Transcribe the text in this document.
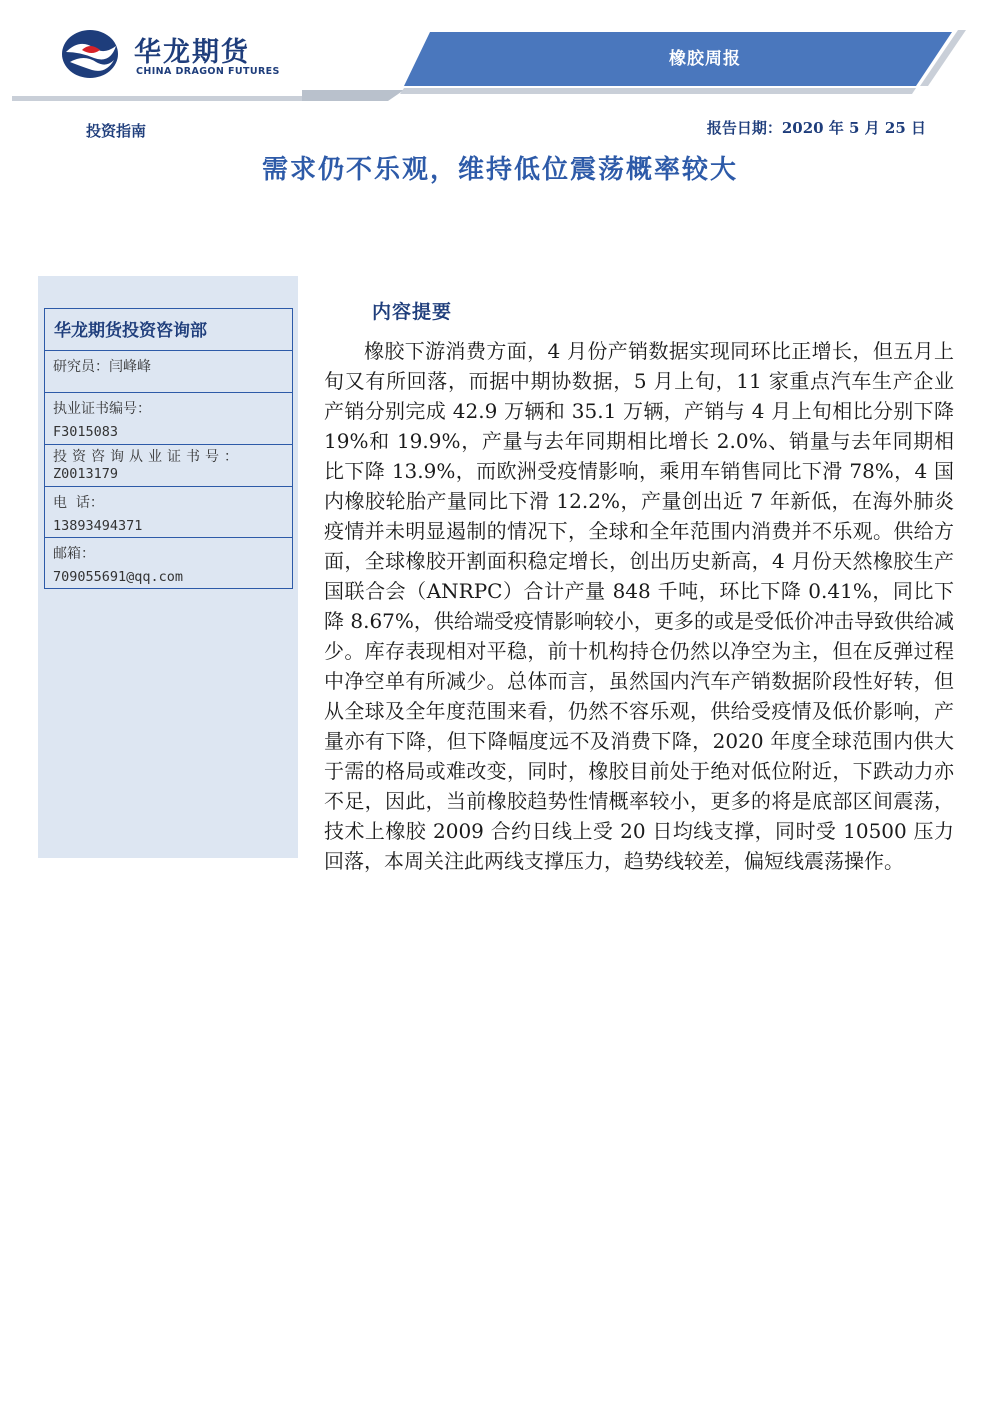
华龙期货
CHINA DRAGON FUTURES
橡胶周报
投资指南	报告日期：2020 年 5 月 25 日
需求仍不乐观，维持低位震荡概率较大
华龙期货投资咨询部
研究员：闫峰峰
执业证书编号：
F3015083
投资咨询从业证书号：
Z0013179
电  话：
13893494371
邮箱：
709055691@qq.com
内容提要

橡胶下游消费方面，4 月份产销数据实现同环比正增长，但五月上旬又有所回落，而据中期协数据，5 月上旬，11 家重点汽车生产企业产销分别完成 42.9 万辆和 35.1 万辆，产销与 4 月上旬相比分别下降 19%和 19.9%，产量与去年同期相比增长 2.0%、销量与去年同期相比下降 13.9%，而欧洲受疫情影响，乘用车销售同比下滑 78%，4 国内橡胶轮胎产量同比下滑 12.2%，产量创出近 7 年新低，在海外肺炎疫情并未明显遏制的情况下，全球和全年范围内消费并不乐观。供给方面，全球橡胶开割面积稳定增长，创出历史新高，4 月份天然橡胶生产国联合会（ANRPC）合计产量 848 千吨，环比下降 0.41%，同比下降 8.67%，供给端受疫情影响较小，更多的或是受低价冲击导致供给减少。库存表现相对平稳，前十机构持仓仍然以净空为主，但在反弹过程中净空单有所减少。总体而言，虽然国内汽车产销数据阶段性好转，但从全球及全年度范围来看，仍然不容乐观，供给受疫情及低价影响，产量亦有下降，但下降幅度远不及消费下降，2020 年度全球范围内供大于需的格局或难改变，同时，橡胶目前处于绝对低位附近，下跌动力亦不足，因此，当前橡胶趋势性情概率较小，更多的将是底部区间震荡，技术上橡胶 2009 合约日线上受 20 日均线支撑，同时受 10500 压力回落，本周关注此两线支撑压力，趋势线较差，偏短线震荡操作。
